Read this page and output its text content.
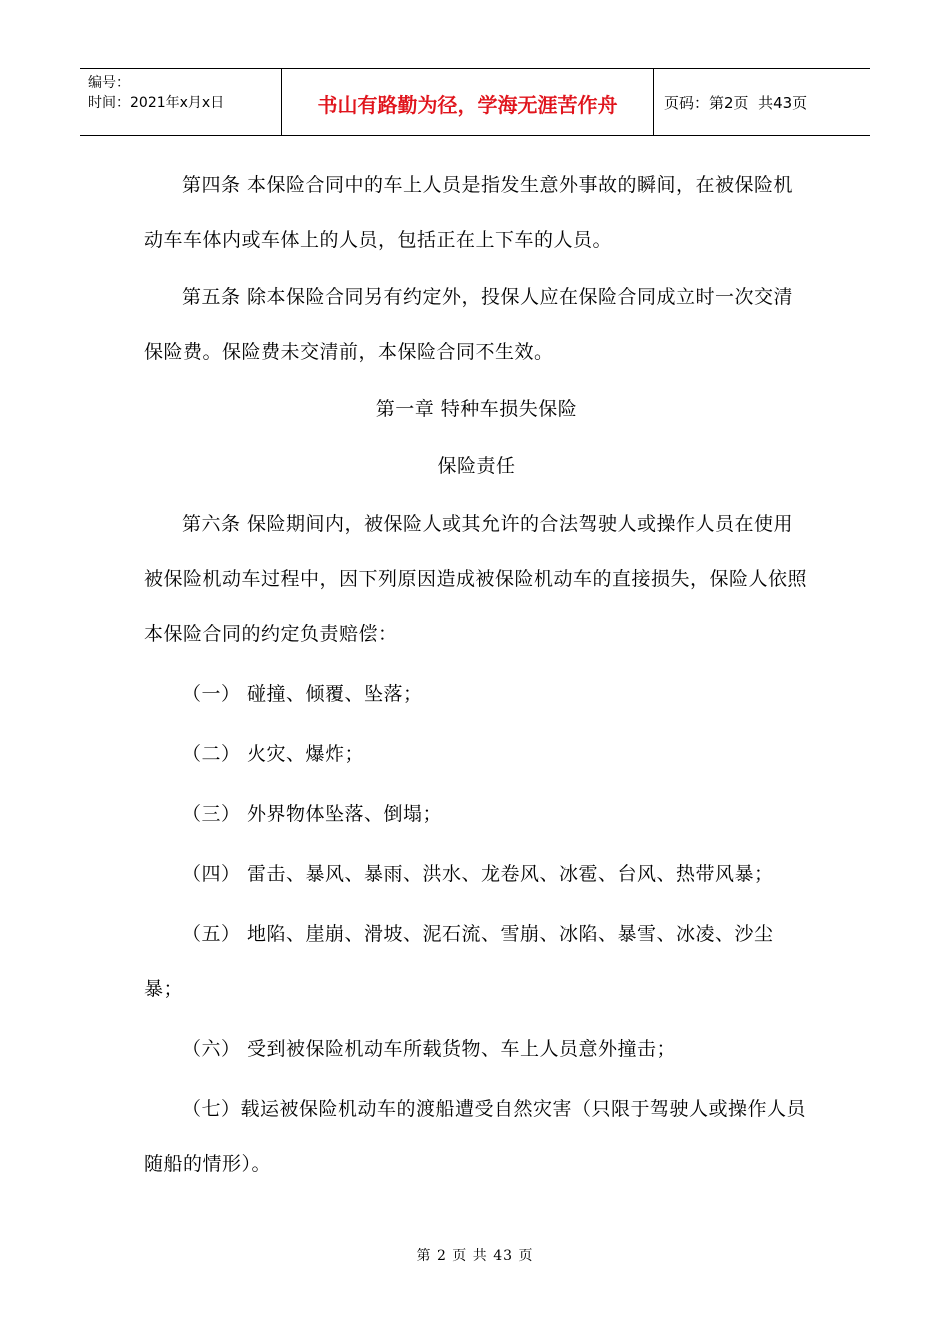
编号：
时间：2021年x月x日	书山有路勤为径，学海无涯苦作舟	页码：第2页  共43页

第四条 本保险合同中的车上人员是指发生意外事故的瞬间，在被保险机动车车体内或车体上的人员，包括正在上下车的人员。

第五条 除本保险合同另有约定外，投保人应在保险合同成立时一次交清保险费。保险费未交清前，本保险合同不生效。

第一章 特种车损失保险

保险责任

第六条 保险期间内，被保险人或其允许的合法驾驶人或操作人员在使用被保险机动车过程中，因下列原因造成被保险机动车的直接损失，保险人依照本保险合同的约定负责赔偿：

（一） 碰撞、倾覆、坠落；

（二） 火灾、爆炸；

（三） 外界物体坠落、倒塌；

（四） 雷击、暴风、暴雨、洪水、龙卷风、冰雹、台风、热带风暴；

（五） 地陷、崖崩、滑坡、泥石流、雪崩、冰陷、暴雪、冰凌、沙尘暴；

（六） 受到被保险机动车所载货物、车上人员意外撞击；

（七）载运被保险机动车的渡船遭受自然灾害（只限于驾驶人或操作人员随船的情形）。

第 2 页 共 43 页
